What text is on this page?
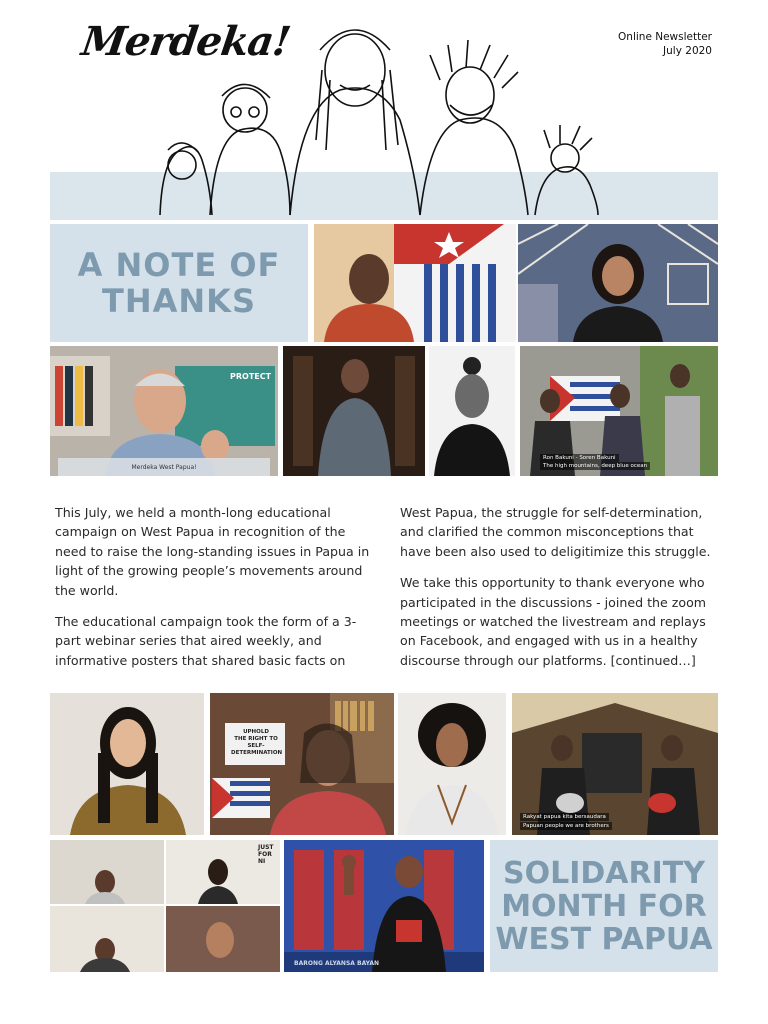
Merdeka!	Online Newsletter
July 2020
A NOTE OF THANKS
Merdeka West Papua!
PROTECT
Ron Bakuni - Soren Bakuni
The high mountains, deep blue ocean

This July, we held a month-long educational campaign on West Papua in recognition of the need to raise the long-standing issues in Papua in light of the growing people’s movements around the world.

The educational campaign took the form of a 3-part webinar series that aired weekly, and informative posters that shared basic facts on

West Papua, the struggle for self-determination, and clarified the common misconceptions that have been also used to deligitimize this struggle.

We take this opportunity to thank everyone who participated in the discussions - joined the zoom meetings or watched the livestream and replays on Facebook, and engaged with us in a healthy discourse through our platforms. [continued…]

UPHOLD
THE RIGHT TO
SELF-DETERMINATION
Rakyat papua kita bersaudara
Papuan people we are brothers
JUST FOR NI
BARONG ALYANSA BAYAN
SOLIDARITY MONTH FOR WEST PAPUA
